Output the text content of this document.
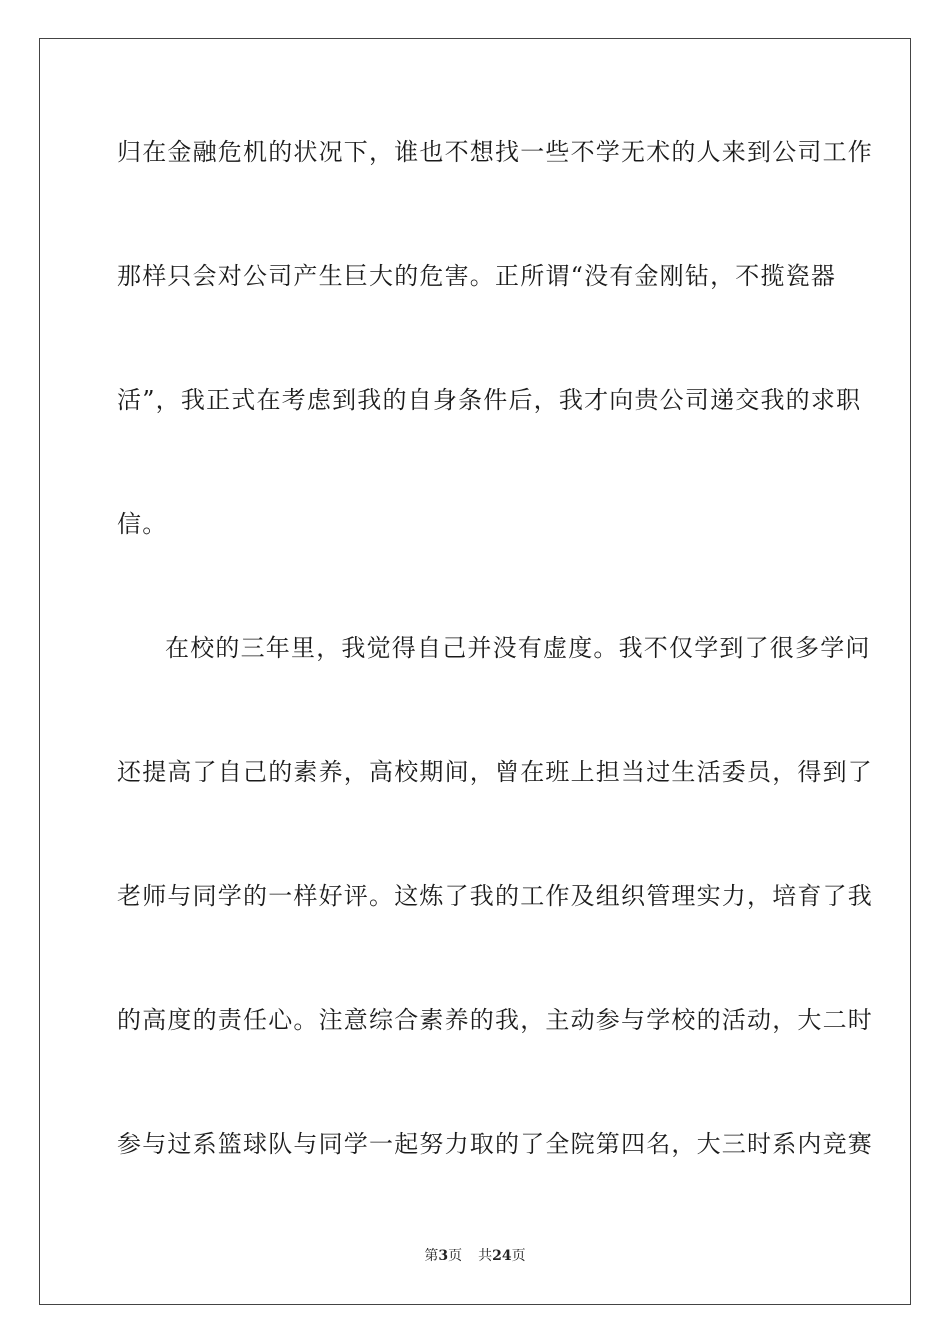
归在金融危机的状况下，谁也不想找一些不学无术的人来到公司工作
那样只会对公司产生巨大的危害。正所谓“没有金刚钻，不揽瓷器
活”，我正式在考虑到我的自身条件后，我才向贵公司递交我的求职
信。
在校的三年里，我觉得自己并没有虚度。我不仅学到了很多学问
还提高了自己的素养，高校期间，曾在班上担当过生活委员，得到了
老师与同学的一样好评。这炼了我的工作及组织管理实力，培育了我
的高度的责任心。注意综合素养的我，主动参与学校的活动，大二时
参与过系篮球队与同学一起努力取的了全院第四名，大三时系内竞赛
第3页 共24页
